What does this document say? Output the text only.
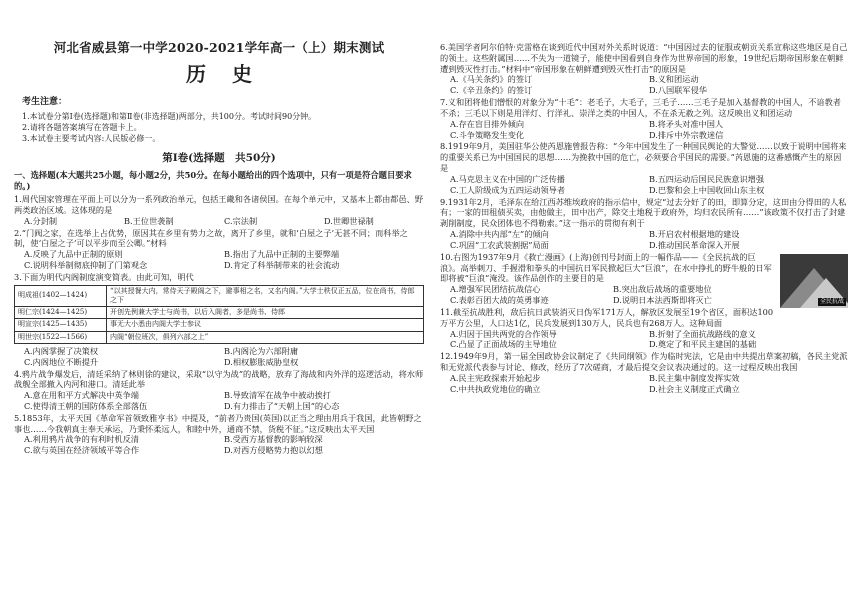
河北省威县第一中学2020-2021学年高一（上）期末测试
历史
考生注意：

1.本试卷分第Ⅰ卷(选择题)和第Ⅱ卷(非选择题)两部分，共100分。考试时间90分钟。

2.请将各题答案填写在答题卡上。

3.本试卷主要考试内容:人民版必修一。

第Ⅰ卷(选择题　共50分)
一、选择题(本大题共25小题，每小题2分，共50分。在每小题给出的四个选项中，只有一项是符合题目要求的。)
1.周代国家管理在平面上可以分为一系列政治单元，包括王畿和各诸侯国。在每个单元中，又基本上都由都邑、野两类政治区域。这体现的是
A.分封制	B.王位世袭制	C.宗法制	D.世卿世禄制
2.“门阀之家，在选举上占优势，原因其在乡里有势力之故，离开了乡里，就和‘白屋之子’无甚不同；而科举之制，使‘白屋之子’可以平步而至公卿。”材料
A.反映了九品中正制的原则	B.指出了九品中正制的主要弊端
C.说明科举制彻底抑制了门第观念	D.肯定了科举制带来的社会流动
3.下面为明代内阁制度演变简表。由此可知，明代
明成祖(1402—1424)	“以其授餐大内，常侍天子殿阁之下，避事相之名，又名内阁。”大学士秩仅正五品，位在尚书，侍郎之下
明仁宗(1424—1425)	开创先例兼大学士与尚书，以后入阁者，多是尚书、侍郎
明宣宗(1425—1435)	事无大小悉由内阁大学士参议
明世宗(1522—1566)	内阁“朝位班次，俱列六部之上”
A.内阁掌握了决策权	B.内阁沦为六部附庸
C.内阁地位不断提升	D.相权膨胀威胁皇权
4.鸦片战争爆发后，清廷采纳了林则徐的建议，采取“以守为战”的战略，放弃了海战和内外洋的巡逻活动，将水师战舰全部撤入内河和港口。清廷此举
A.意在用和平方式解决中英争端	B.导致清军在战争中被动挨打
C.使得清王朝的国防体系全部落伍	D.有力排击了“天朝上国”的心态
5.1853年，太平天国《革命军首领致雅亨书》中提及，“前者乃贵国(英国)以正当之理由用兵于我国，此皆朝野之事也……今我朝真主奉天承运，乃秉怀柔远人，和睦中外，通商不禁，货税不征。”这反映出太平天国
A.利用鸦片战争的有利时机反清	B.受西方基督教的影响较深
C.欲与英国在经济领域平等合作	D.对西方侵略势力抱以幻想
6.美国学者阿尔伯特·克雷格在谈到近代中国对外关系时说道：“中国因过去的征服或朝贡关系宣称这些地区是自己的领土。这些附属国……不失为一道镜子，能使中国看到自身作为世界帝国的形象，19世纪后期帝国形象在朝鲜遭到毁灭性打击。”材料中“帝国形象在朝鲜遭到毁灭性打击”的原因是
A.《马关条约》的签订	B.义和团运动
C.《辛丑条约》的签订	D.八国联军侵华
7.义和团将他们憎恨的对象分为“十毛”：老毛子，大毛子，三毛子……三毛子是加入基督教的中国人，不谙教者不杀；三毛以下则是用洋灯、行洋礼、崇洋之类的中国人，不在杀无赦之列。这反映出义和团运动
A.存在盲目排外倾向	B.将矛头对准中国人
C.斗争策略发生变化	D.排斥中外宗教迷信
8.1919年9月，美国驻华公使芮恩施曾报告称：“今年中国发生了一种国民舆论的大警觉……以致于说明中国将来的重要关系已为中国国民的思想……为挽救中国的危亡，必须要合乎国民的需要。”芮恩施的这番感慨产生的原因是
A.马克思主义在中国的广泛传播	B.五四运动后国民民族意识增强
C.工人阶级成为五四运动领导者	D.巴黎和会上中国收回山东主权
9.1931年2月，毛泽东在给江西苏维埃政府的指示信中，规定“过去分好了的田，即算分定，这田由分得田的人私有；一家的田租债买卖，由他做主，田中出产，除交土地税于政府外，均归农民所有……”该政策不仅打击了封建剥削制度，民众团体也不得勒索。”这一指示的贯彻有利于
A.消除中共内部“左”的倾向	B.开启农村根据地的建设
C.巩固“工农武装割据”局面	D.推动国民革命深入开展
全民抗战
10.右图为1937年9月《救亡漫画》(上海)创刊号封面上的一幅作品——《全民抗战的巨浪》。高举刺刀、手握滑和拳头的中国抗日军民掀起巨大“巨浪”，在水中挣扎的野牛般的日军即将被“巨浪”淹没。该作品创作的主要目的是
A.增强军民团结抗战信心	B.突出敌后战场的重要地位
C.表彰百团大战的英勇事迹	D.说明日本法西斯即将灭亡
11.截至抗战胜利，敌后抗日武装消灭日伪军171万人，解放区发展至19个省区，面积达100万平方公里，人口达1亿，民兵发展到130万人，民兵也有268万人。这种局面
A.归因于国共两党的合作领导	B.折射了全面抗战路线的意义
C.凸显了正面战场的主导地位	D.奠定了和平民主建国的基础
12.1949年9月，第一届全国政协会议制定了《共同纲领》作为临时宪法，它是由中共提出草案初稿，各民主党派和无党派代表参与讨论、修改，经历了7次磋商，才最后提交会议表决通过的。这一过程反映出我国
A.民主宪政探索开始起步	B.民主集中制度发挥实效
C.中共执政党地位的确立	D.社会主义制度正式确立
